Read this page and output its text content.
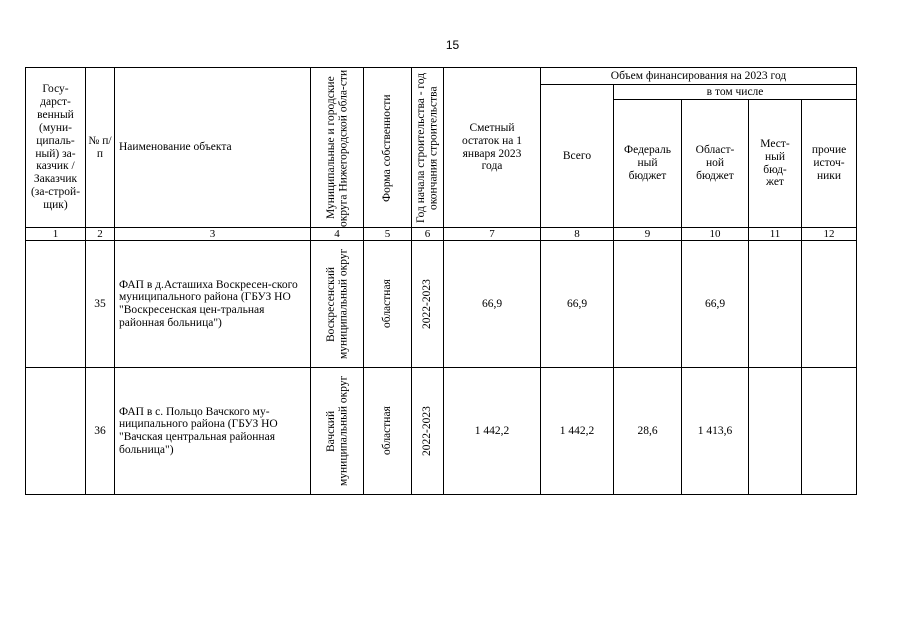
15
Госу-дарст-венный (муни-ципаль-ный) за-казчик / Заказчик (за-строй-щик)	№ п/п	Наименование объекта	Муниципальные и городские округа Нижегородской обла-сти	Форма собственности	Год начала строительства - год окончания строительства	Сметный остаток на 1 января 2023 года	Объем финансирования на 2023 год				
							Всего	в том числе			
								Федераль ный бюджет	Област-ной бюджет	Мест-ный бюд-жет	прочие источ-ники
1	2	3	4	5	6	7	8	9	10	11	12
	35	ФАП в д.Асташиха Воскресен-ского муниципального района (ГБУЗ НО "Воскресенская цен-тральная районная больница")	Воскресенский муниципальный округ	областная	2022-2023	66,9	66,9		66,9		
	36	ФАП в с. Польцо Вачского му-ниципального района (ГБУЗ НО "Вачская центральная районная больница")	Вачский муниципальный округ	областная	2022-2023	1 442,2	1 442,2	28,6	1 413,6		
